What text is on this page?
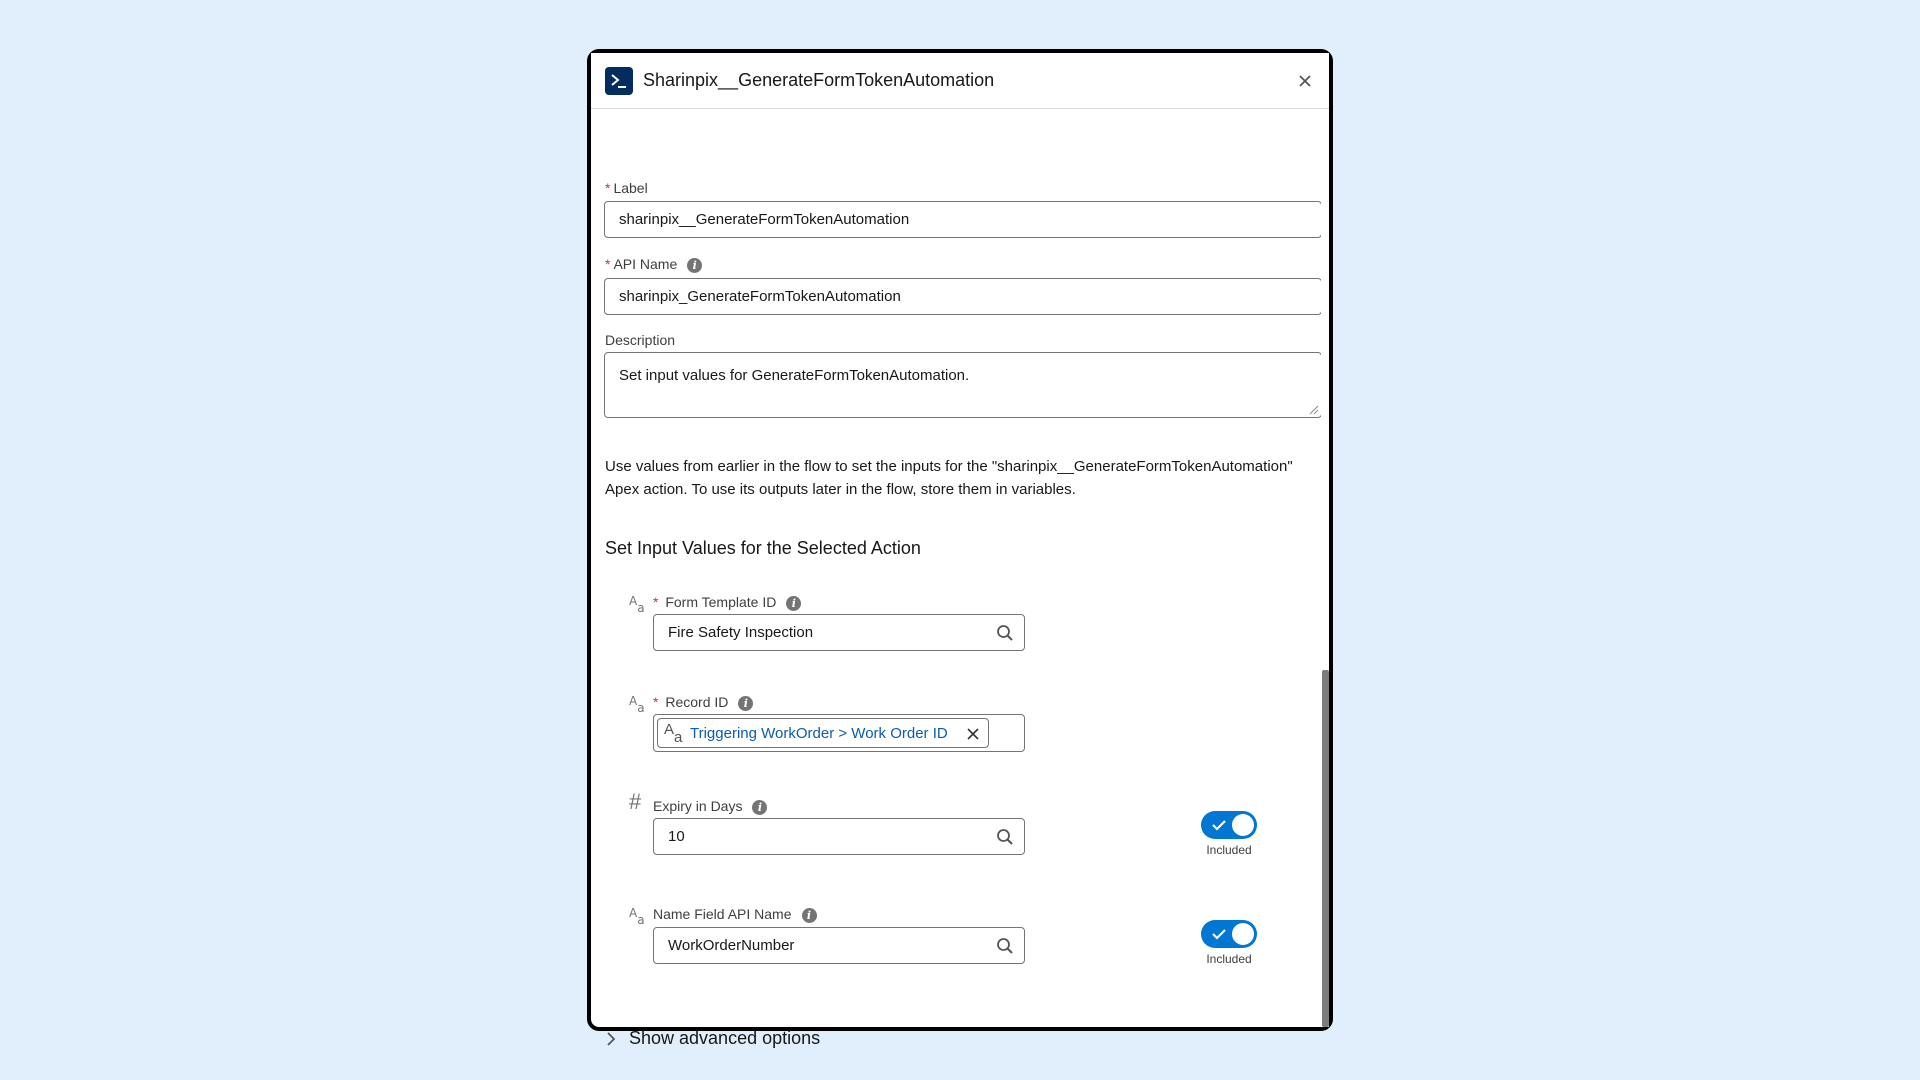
Sharinpix__GenerateFormTokenAutomation
* Label
sharinpix__GenerateFormTokenAutomation
* API Name i
sharinpix_GenerateFormTokenAutomation
Description
Set input values for GenerateFormTokenAutomation.
Use values from earlier in the flow to set the inputs for the "sharinpix__GenerateFormTokenAutomation" Apex action. To use its outputs later in the flow, store them in variables.
Set Input Values for the Selected Action
$^A_a$ * Form Template ID i
Fire Safety Inspection
$^A_a$ * Record ID i
$^A_a$ Triggering WorkOrder > Work Order ID
# Expiry in Days i
10
Included
$^A_a$ Name Field API Name i
WorkOrderNumber
Included
Show advanced options
